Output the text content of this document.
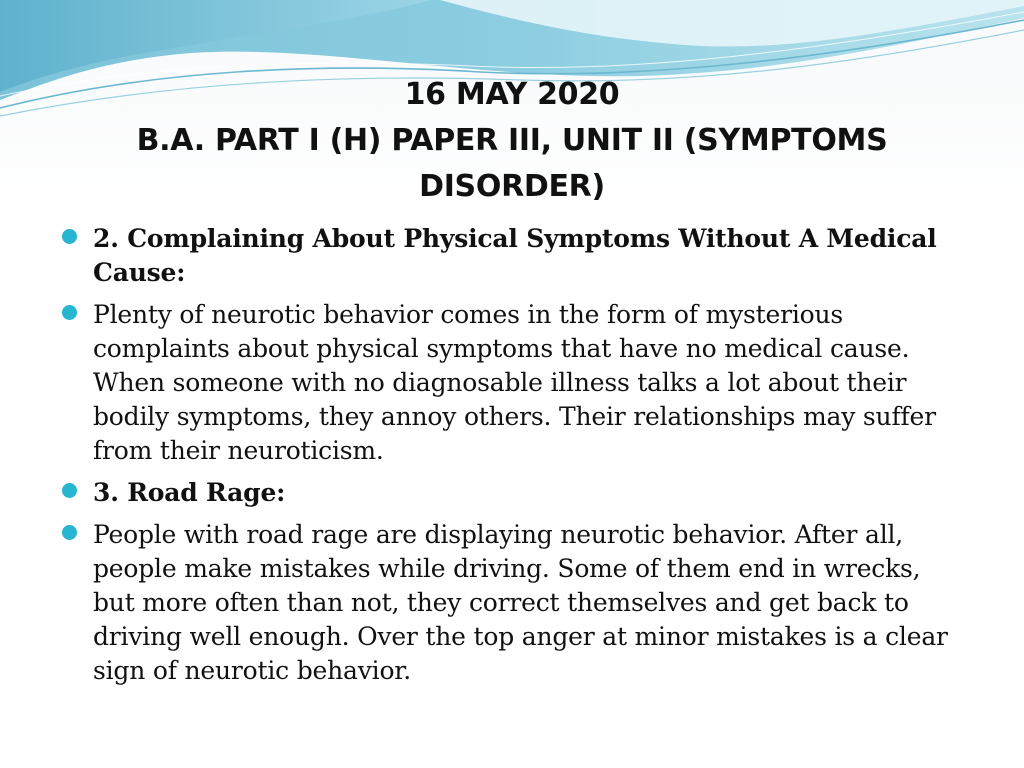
16 MAY 2020
B.A. PART I (H) PAPER III, UNIT II (SYMPTOMS
DISORDER)
2. Complaining About Physical Symptoms Without A Medical Cause:
Plenty of neurotic behavior comes in the form of mysterious complaints about physical symptoms that have no medical cause. When someone with no diagnosable illness talks a lot about their bodily symptoms, they annoy others. Their relationships may suffer from their neuroticism.
3. Road Rage:
People with road rage are displaying neurotic behavior. After all, people make mistakes while driving. Some of them end in wrecks, but more often than not, they correct themselves and get back to driving well enough. Over the top anger at minor mistakes is a clear sign of neurotic behavior.
